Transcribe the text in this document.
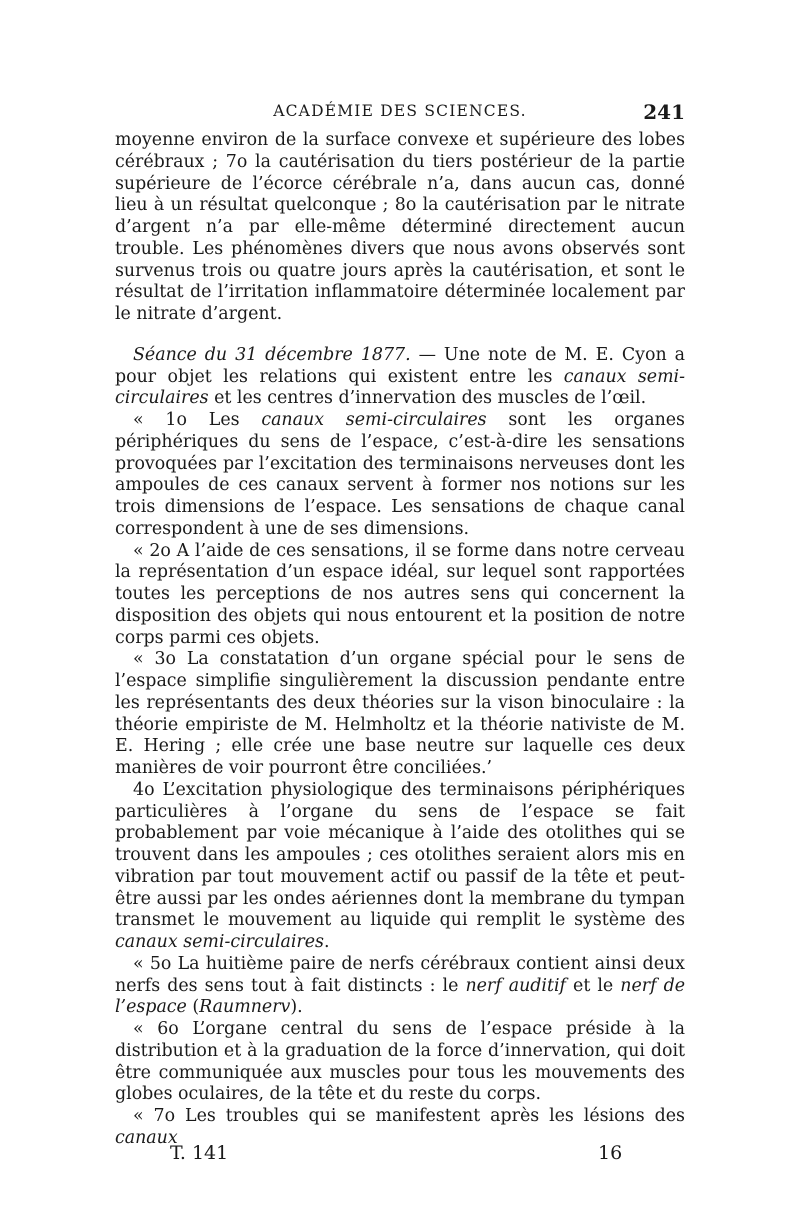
ACADÉMIE DES SCIENCES.	241

moyenne environ de la surface convexe et supérieure des lobes cérébraux ; 7o la cautérisation du tiers postérieur de la partie supérieure de l’écorce cérébrale n’a, dans aucun cas, donné lieu à un résultat quelconque ; 8o la cautérisation par le nitrate d’argent n’a par elle-même déterminé directement aucun trouble. Les phénomènes divers que nous avons observés sont survenus trois ou quatre jours après la cautérisation, et sont le résultat de l’irritation inflammatoire déterminée localement par le nitrate d’argent.

Séance du 31 décembre 1877. — Une note de M. E. Cyon a pour objet les relations qui existent entre les canaux semi-circulaires et les centres d’innervation des muscles de l’œil.

« 1o Les canaux semi-circulaires sont les organes périphériques du sens de l’espace, c’est-à-dire les sensations provoquées par l’excitation des terminaisons nerveuses dont les ampoules de ces canaux servent à former nos notions sur les trois dimensions de l’espace. Les sensations de chaque canal correspondent à une de ses dimensions.

« 2o A l’aide de ces sensations, il se forme dans notre cerveau la représentation d’un espace idéal, sur lequel sont rapportées toutes les perceptions de nos autres sens qui concernent la disposition des objets qui nous entourent et la position de notre corps parmi ces objets.

« 3o La constatation d’un organe spécial pour le sens de l’espace simplifie singulièrement la discussion pendante entre les représentants des deux théories sur la vison binoculaire : la théorie empiriste de M. Helmholtz et la théorie nativiste de M. E. Hering ; elle crée une base neutre sur laquelle ces deux manières de voir pourront être conciliées.’

4o L’excitation physiologique des terminaisons périphériques particulières à l’organe du sens de l’espace se fait probablement par voie mécanique à l’aide des otolithes qui se trouvent dans les ampoules ; ces otolithes seraient alors mis en vibration par tout mouvement actif ou passif de la tête et peut-être aussi par les ondes aériennes dont la membrane du tympan transmet le mouvement au liquide qui remplit le système des canaux semi-circulaires.

« 5o La huitième paire de nerfs cérébraux contient ainsi deux nerfs des sens tout à fait distincts : le nerf auditif et le nerf de l’espace (Raumnerv).

« 6o L’organe central du sens de l’espace préside à la distribution et à la graduation de la force d’innervation, qui doit être communiquée aux muscles pour tous les mouvements des globes oculaires, de la tête et du reste du corps.

« 7o Les troubles qui se manifestent après les lésions des canaux

T. 141	16
